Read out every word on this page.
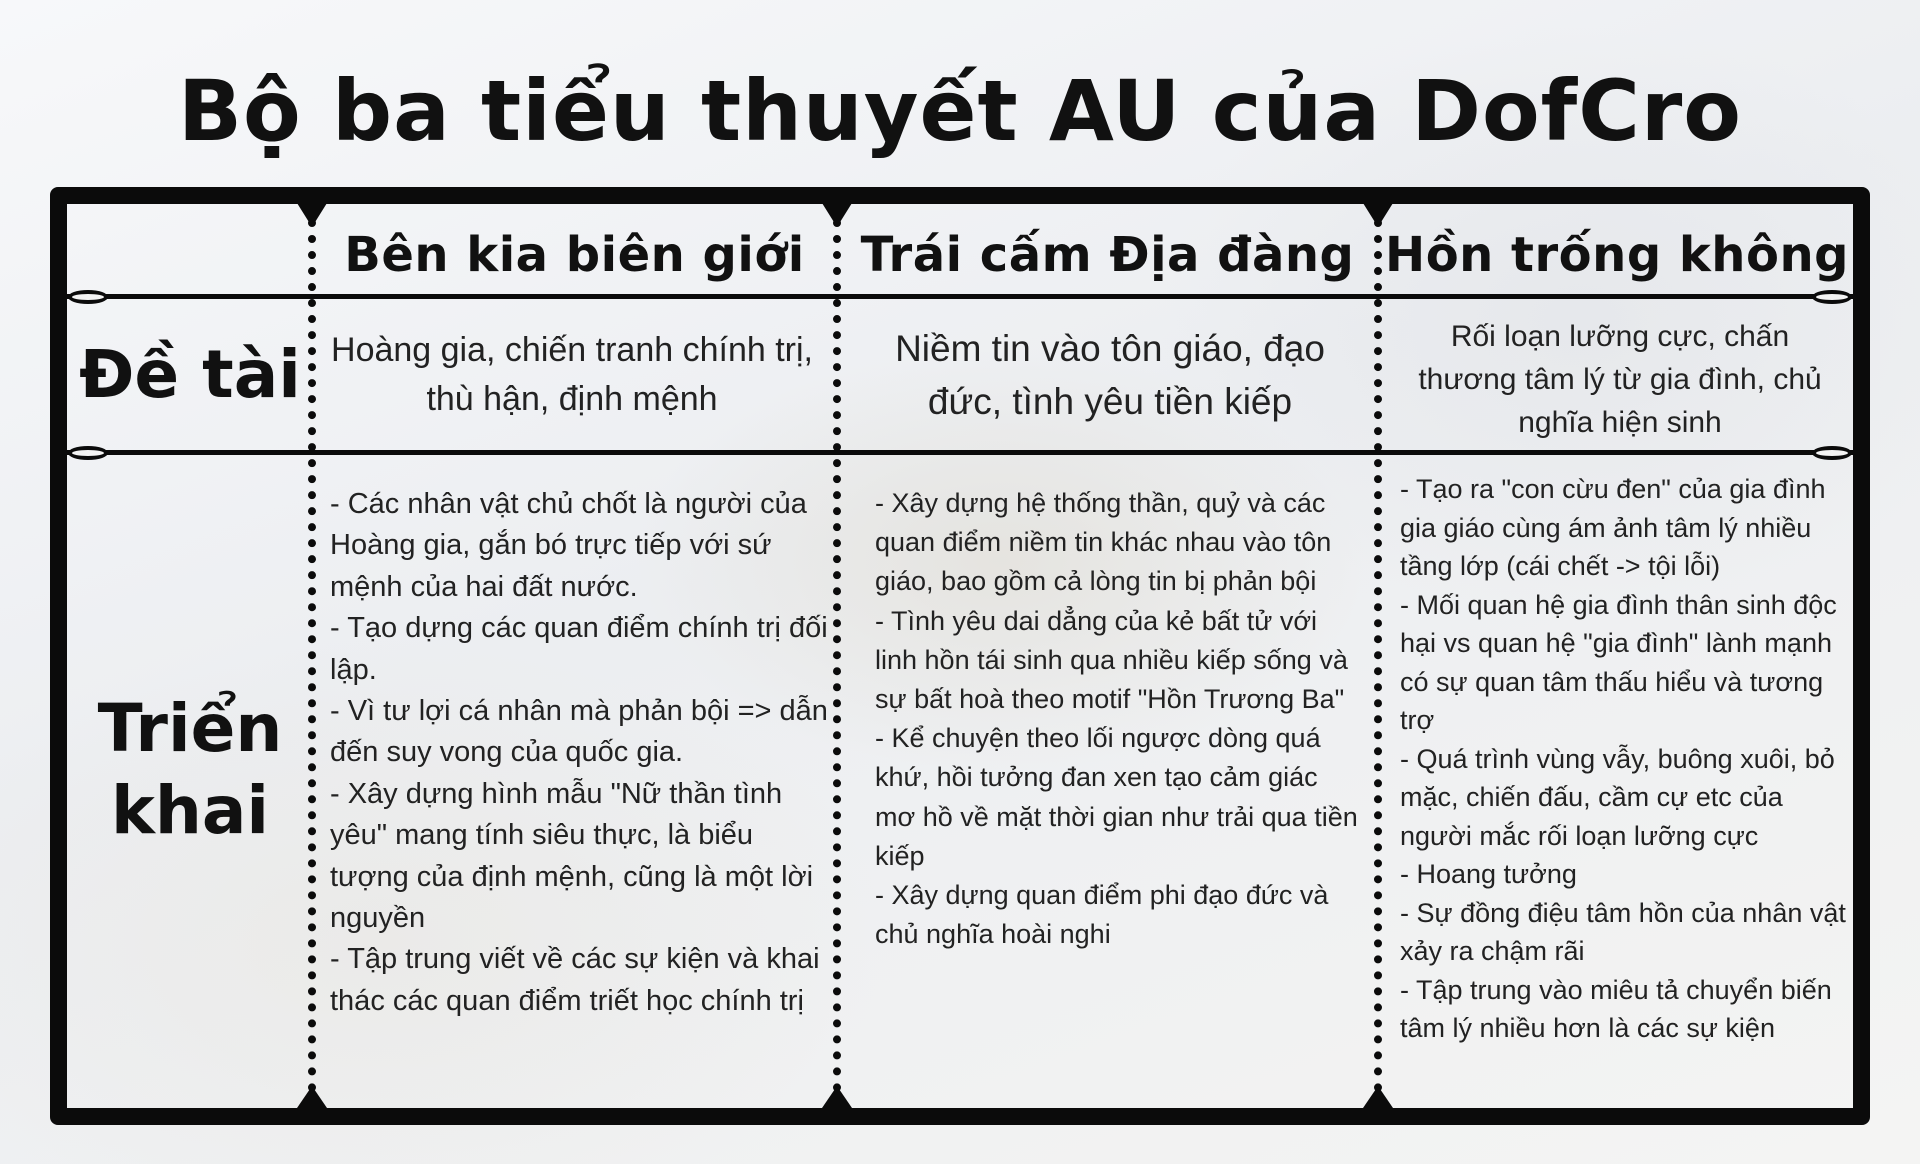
Bộ ba tiểu thuyết AU của DofCro
Bên kia biên giới	Trái cấm Địa đàng Hồn trống không
Đề tài
Triển
khai
Hoàng gia, chiến tranh chính trị, thù hận, định mệnh
Niềm tin vào tôn giáo, đạo đức, tình yêu tiền kiếp
Rối loạn lưỡng cực, chấn thương tâm lý từ gia đình, chủ nghĩa hiện sinh
- Các nhân vật chủ chốt là người của Hoàng gia, gắn bó trực tiếp với sứ mệnh của hai đất nước.
- Tạo dựng các quan điểm chính trị đối lập.
- Vì tư lợi cá nhân mà phản bội => dẫn đến suy vong của quốc gia.
- Xây dựng hình mẫu "Nữ thần tình yêu" mang tính siêu thực, là biểu tượng của định mệnh, cũng là một lời nguyền
- Tập trung viết về các sự kiện và khai thác các quan điểm triết học chính trị
- Xây dựng hệ thống thần, quỷ và các quan điểm niềm tin khác nhau vào tôn giáo, bao gồm cả lòng tin bị phản bội
- Tình yêu dai dẳng của kẻ bất tử với linh hồn tái sinh qua nhiều kiếp sống và sự bất hoà theo motif "Hồn Trương Ba"
- Kể chuyện theo lối ngược dòng quá khứ, hồi tưởng đan xen tạo cảm giác mơ hồ về mặt thời gian như trải qua tiền kiếp
- Xây dựng quan điểm phi đạo đức và chủ nghĩa hoài nghi
- Tạo ra "con cừu đen" của gia đình gia giáo cùng ám ảnh tâm lý nhiều tầng lớp (cái chết -> tội lỗi)
- Mối quan hệ gia đình thân sinh độc hại vs quan hệ "gia đình" lành mạnh có sự quan tâm thấu hiểu và tương trợ
- Quá trình vùng vẫy, buông xuôi, bỏ mặc, chiến đấu, cầm cự etc của người mắc rối loạn lưỡng cực
- Hoang tưởng
- Sự đồng điệu tâm hồn của nhân vật xảy ra chậm rãi
- Tập trung vào miêu tả chuyển biến tâm lý nhiều hơn là các sự kiện
